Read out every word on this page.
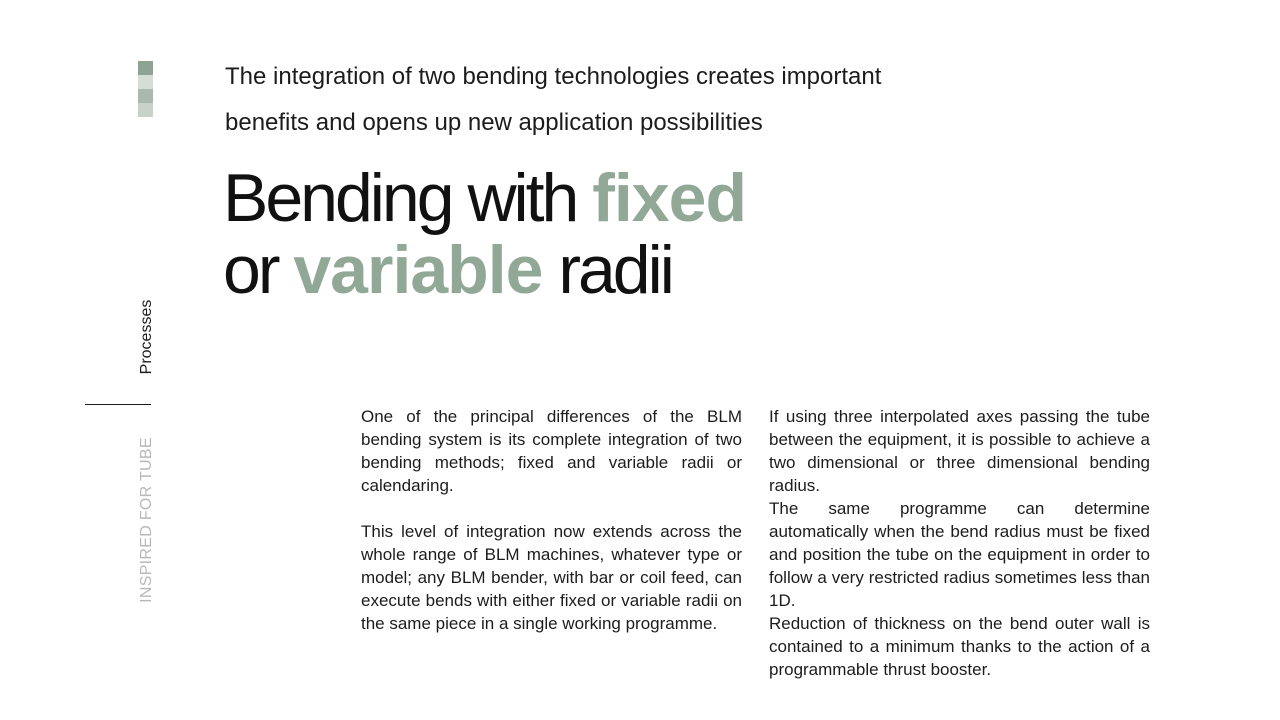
Processes
INSPIRED FOR TUBE
The integration of two bending technologies creates important
benefits and opens up new application possibilities
Bending with fixed
or variable radii

One of the principal differences of the BLM bending system is its complete integration of two bending methods; fixed and variable radii or calendaring.

This level of integration now extends across the whole range of BLM machines, whatever type or model; any BLM bender, with bar or coil feed, can execute bends with either fixed or variable radii on the same piece in a single working programme.

If using three interpolated axes passing the tube between the equipment, it is possible to achieve a two dimensional or three dimensional bending radius.

The same programme can determine automatically when the bend radius must be fixed and position the tube on the equipment in order to follow a very restricted radius sometimes less than 1D.

Reduction of thickness on the bend outer wall is contained to a minimum thanks to the action of a programmable thrust booster.
